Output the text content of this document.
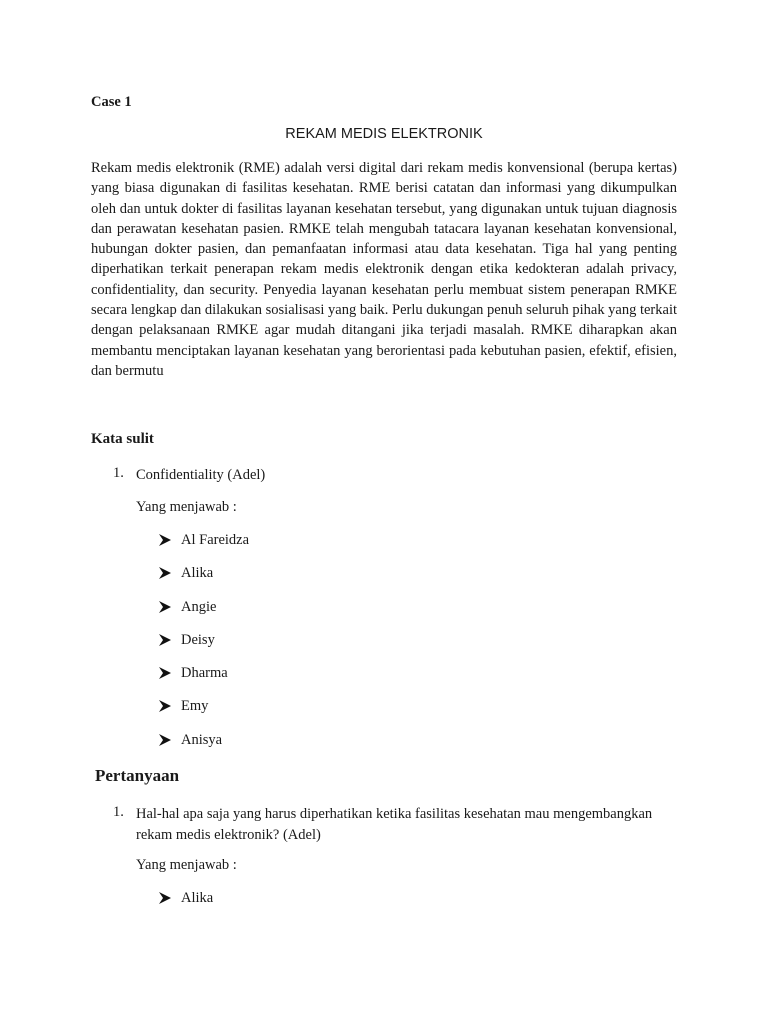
Case 1
REKAM MEDIS ELEKTRONIK

Rekam medis elektronik (RME) adalah versi digital dari rekam medis konvensional (berupa kertas) yang biasa digunakan di fasilitas kesehatan. RME berisi catatan dan informasi yang dikumpulkan oleh dan untuk dokter di fasilitas layanan kesehatan tersebut, yang digunakan untuk tujuan diagnosis dan perawatan kesehatan pasien. RMKE telah mengubah tatacara layanan kesehatan konvensional, hubungan dokter pasien, dan pemanfaatan informasi atau data kesehatan. Tiga hal yang penting diperhatikan terkait penerapan rekam medis elektronik dengan etika kedokteran adalah privacy, confidentiality, dan security. Penyedia layanan kesehatan perlu membuat sistem penerapan RMKE secara lengkap dan dilakukan sosialisasi yang baik. Perlu dukungan penuh seluruh pihak yang terkait dengan pelaksanaan RMKE agar mudah ditangani jika terjadi masalah. RMKE diharapkan akan membantu menciptakan layanan kesehatan yang berorientasi pada kebutuhan pasien, efektif, efisien, dan bermutu

Kata sulit
1. Confidentiality (Adel)
Yang menjawab :
Al Fareidza
Alika
Angie
Deisy
Dharma
Emy
Anisya
Pertanyaan
1. Hal-hal apa saja yang harus diperhatikan ketika fasilitas kesehatan mau mengembangkan rekam medis elektronik? (Adel)
Yang menjawab :
Alika
